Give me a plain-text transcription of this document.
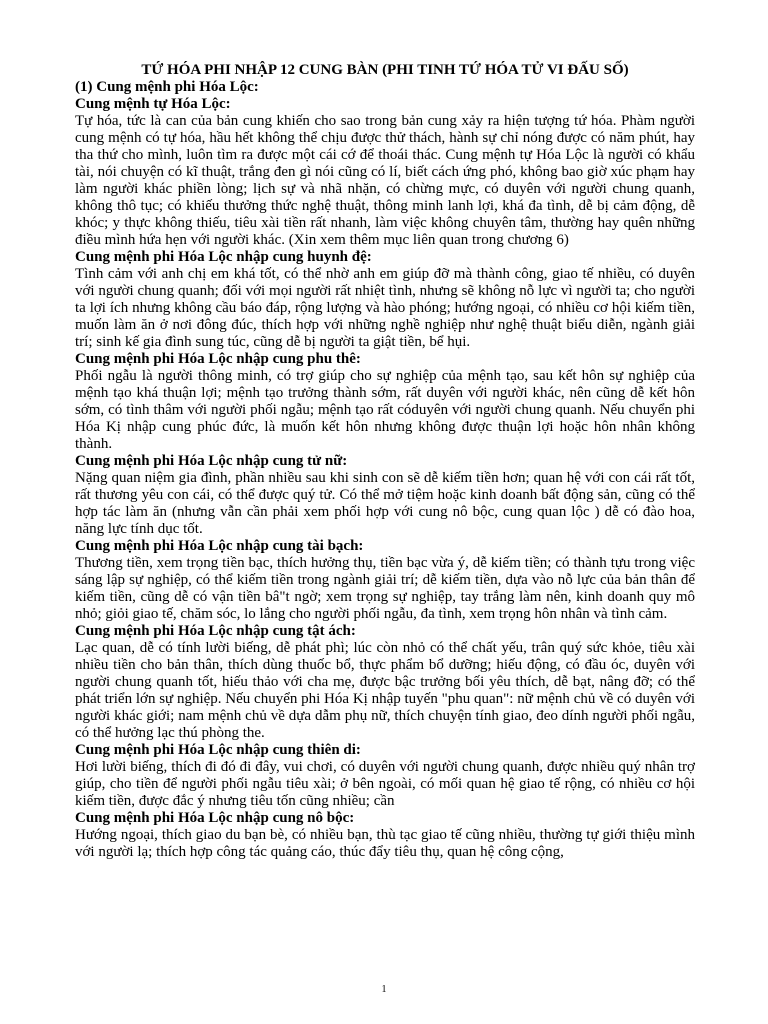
TỨ HÓA PHI NHẬP 12 CUNG BÀN (PHI TINH TỨ HÓA TỬ VI ĐẤU SỐ)

(1) Cung mệnh phi Hóa Lộc:

Cung mệnh tự Hóa Lộc:

Tự hóa, tức là can của bản cung khiến cho sao trong bản cung xảy ra hiện tượng tứ hóa. Phàm người cung mệnh có tự hóa, hầu hết không thể chịu được thử thách, hành sự chỉ nóng được có năm phút, hay tha thứ cho mình, luôn tìm ra được một cái cớ để thoái thác. Cung mệnh tự Hóa Lộc là người có khẩu tài, nói chuyện có kĩ thuật, trắng đen gì nói cũng có lí, biết cách ứng phó, không bao giờ xúc phạm hay làm người khác phiền lòng; lịch sự và nhã nhặn, có chừng mực, có duyên với người chung quanh, không thô tục; có khiếu thưởng thức nghệ thuật, thông minh lanh lợi, khá đa tình, dễ bị cảm động, dễ khóc; y thực không thiếu, tiêu xài tiền rất nhanh, làm việc không chuyên tâm, thường hay quên những điều mình hứa hẹn với người khác. (Xin xem thêm mục liên quan trong chương 6)

Cung mệnh phi Hóa Lộc nhập cung huynh đệ:

Tình cảm với anh chị em khá tốt, có thể nhờ anh em giúp đỡ mà thành công, giao tế nhiều, có duyên với người chung quanh; đối với mọi người rất nhiệt tình, nhưng sẽ không nỗ lực vì người ta; cho người ta lợi ích nhưng không cầu báo đáp, rộng lượng và hào phóng; hướng ngoại, có nhiều cơ hội kiếm tiền, muốn làm ăn ở nơi đông đúc, thích hợp với những nghề nghiệp như nghệ thuật biểu diễn, ngành giải trí; sinh kế gia đình sung túc, cũng dễ bị người ta giật tiền, bể hụi.

Cung mệnh phi Hóa Lộc nhập cung phu thê:

Phối ngẫu là người thông minh, có trợ giúp cho sự nghiệp của mệnh tạo, sau kết hôn sự nghiệp của mệnh tạo khá thuận lợi; mệnh tạo trưởng thành sớm, rất duyên với người khác, nên cũng dễ kết hôn sớm, có tình thâm với người phối ngẫu; mệnh tạo rất códuyên với người chung quanh. Nếu chuyển phi Hóa Kị nhập cung phúc đức, là muốn kết hôn nhưng không được thuận lợi hoặc hôn nhân không thành.

Cung mệnh phi Hóa Lộc nhập cung tử nữ:

Nặng quan niệm gia đình, phần nhiều sau khi sinh con sẽ dễ kiếm tiền hơn; quan hệ với con cái rất tốt, rất thương yêu con cái, có thể được quý tử. Có thể mở tiệm hoặc kinh doanh bất động sản, cũng có thể hợp tác làm ăn (nhưng vẫn cần phải xem phối hợp với cung nô bộc, cung quan lộc ) dễ có đào hoa, năng lực tính dục tốt.

Cung mệnh phi Hóa Lộc nhập cung tài bạch:

Thương tiền, xem trọng tiền bạc, thích hưởng thụ, tiền bạc vừa ý, dễ kiếm tiền; có thành tựu trong việc sáng lập sự nghiệp, có thể kiếm tiền trong ngành giải trí; dễ kiếm tiền, dựa vào nỗ lực của bản thân để kiếm tiền, cũng dễ có vận tiền bâ"t ngờ; xem trọng sự nghiệp, tay trắng làm nên, kinh doanh quy mô nhỏ; giỏi giao tế, chăm sóc, lo lắng cho người phối ngẫu, đa tình, xem trọng hôn nhân và tình cảm.

Cung mệnh phi Hóa Lộc nhập cung tật ách:

Lạc quan, dễ có tính lười biếng, dễ phát phì; lúc còn nhỏ có thể chất yếu, trân quý sức khỏe, tiêu xài nhiều tiền cho bản thân, thích dùng thuốc bổ, thực phẩm bổ dưỡng; hiếu động, có đầu óc, duyên với người chung quanh tốt, hiếu thảo với cha mẹ, được bậc trưởng bối yêu thích, dễ bạt, nâng đỡ; có thể phát triển lớn sự nghiệp. Nếu chuyển phi Hóa Kị nhập tuyến "phu quan": nữ mệnh chủ về có duyên với người khác giới; nam mệnh chủ về dựa dẫm phụ nữ, thích chuyện tính giao, đeo dính người phối ngẫu, có thể hưởng lạc thú phòng the.

Cung mệnh phi Hóa Lộc nhập cung thiên di:

Hơi lười biếng, thích đi đó đi đây, vui chơi, có duyên với người chung quanh, được nhiều quý nhân trợ giúp, cho tiền để người phối ngẫu tiêu xài; ở bên ngoài, có mối quan hệ giao tế rộng, có nhiều cơ hội kiếm tiền, được đắc ý nhưng tiêu tốn cũng nhiều; cần

Cung mệnh phi Hóa Lộc nhập cung nô bộc:

Hướng ngoại, thích giao du bạn bè, có nhiều bạn, thù tạc giao tế cũng nhiều, thường tự giới thiệu mình với người lạ; thích hợp công tác quảng cáo, thúc đẩy tiêu thụ, quan hệ công cộng,

1
